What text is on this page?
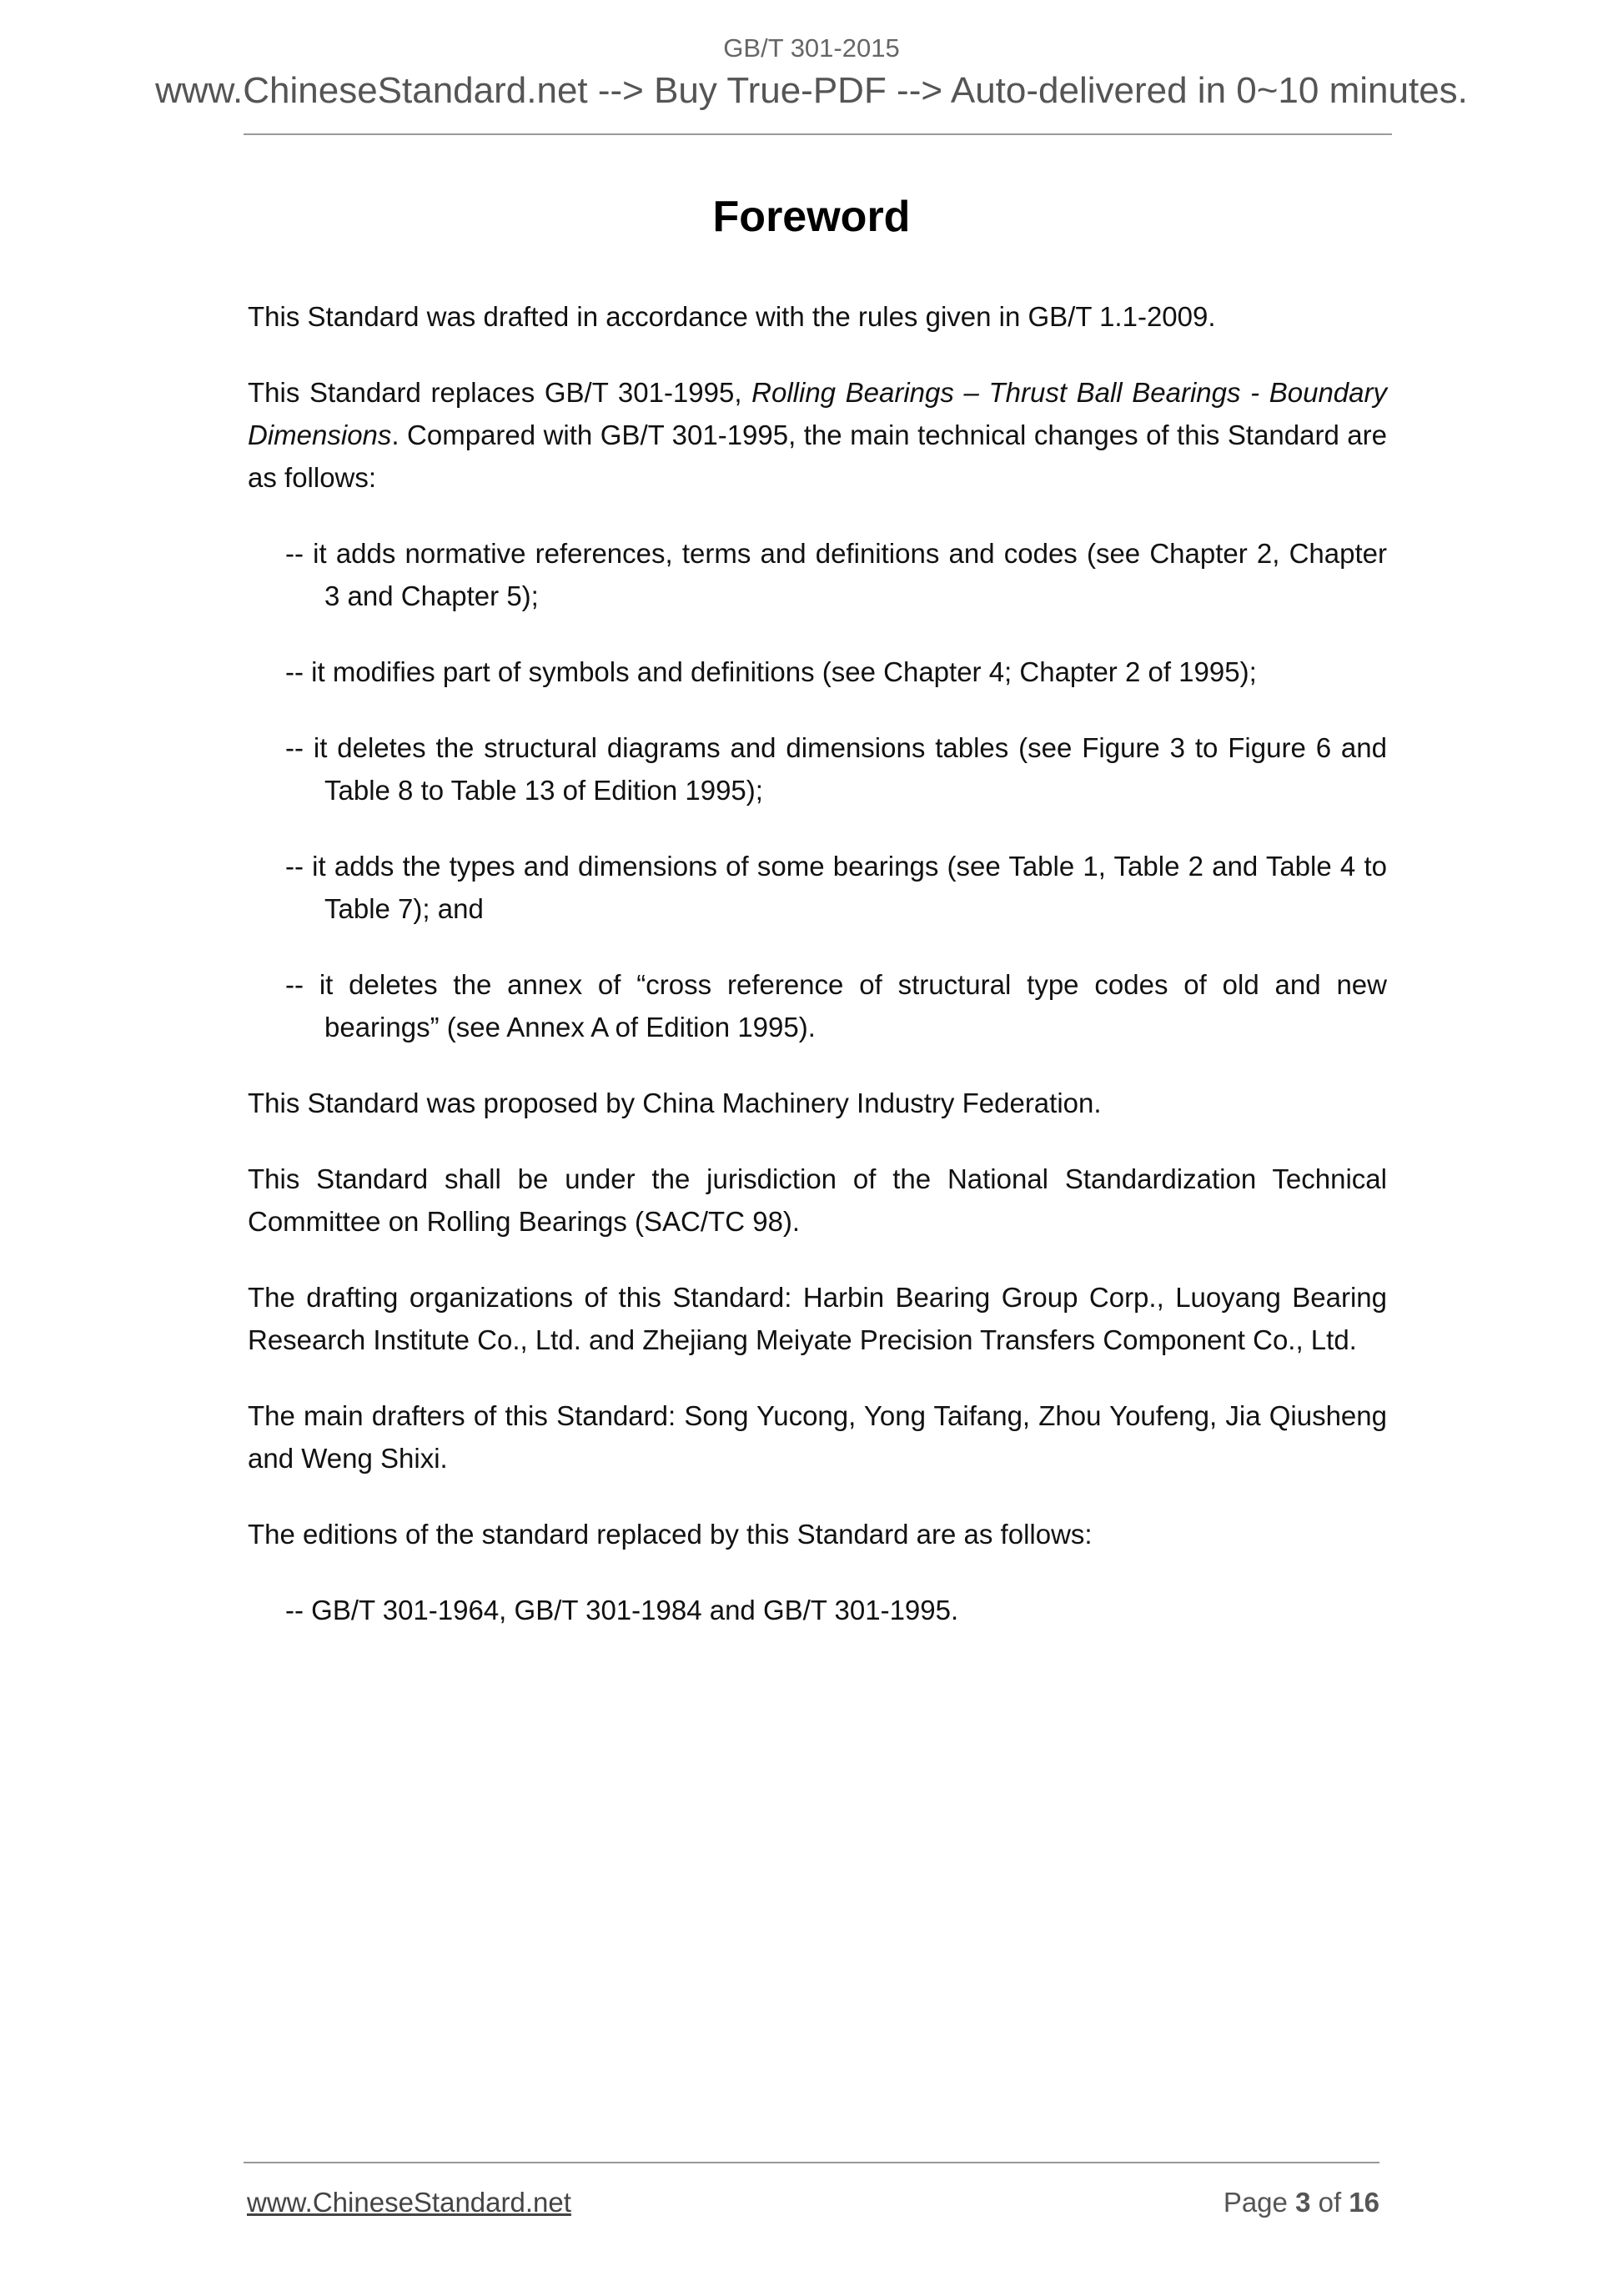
GB/T 301-2015
www.ChineseStandard.net --> Buy True-PDF --> Auto-delivered in 0~10 minutes.
Foreword

This Standard was drafted in accordance with the rules given in GB/T 1.1-2009.

This Standard replaces GB/T 301-1995, Rolling Bearings – Thrust Ball Bearings - Boundary Dimensions. Compared with GB/T 301-1995, the main technical changes of this Standard are as follows:

-- it adds normative references, terms and definitions and codes (see Chapter 2, Chapter 3 and Chapter 5);

-- it modifies part of symbols and definitions (see Chapter 4; Chapter 2 of 1995);

-- it deletes the structural diagrams and dimensions tables (see Figure 3 to Figure 6 and Table 8 to Table 13 of Edition 1995);

-- it adds the types and dimensions of some bearings (see Table 1, Table 2 and Table 4 to Table 7); and

-- it deletes the annex of “cross reference of structural type codes of old and new bearings” (see Annex A of Edition 1995).

This Standard was proposed by China Machinery Industry Federation.

This Standard shall be under the jurisdiction of the National Standardization Technical Committee on Rolling Bearings (SAC/TC 98).

The drafting organizations of this Standard: Harbin Bearing Group Corp., Luoyang Bearing Research Institute Co., Ltd. and Zhejiang Meiyate Precision Transfers Component Co., Ltd.

The main drafters of this Standard: Song Yucong, Yong Taifang, Zhou Youfeng, Jia Qiusheng and Weng Shixi.

The editions of the standard replaced by this Standard are as follows:

-- GB/T 301-1964, GB/T 301-1984 and GB/T 301-1995.

www.ChineseStandard.net	Page 3 of 16
